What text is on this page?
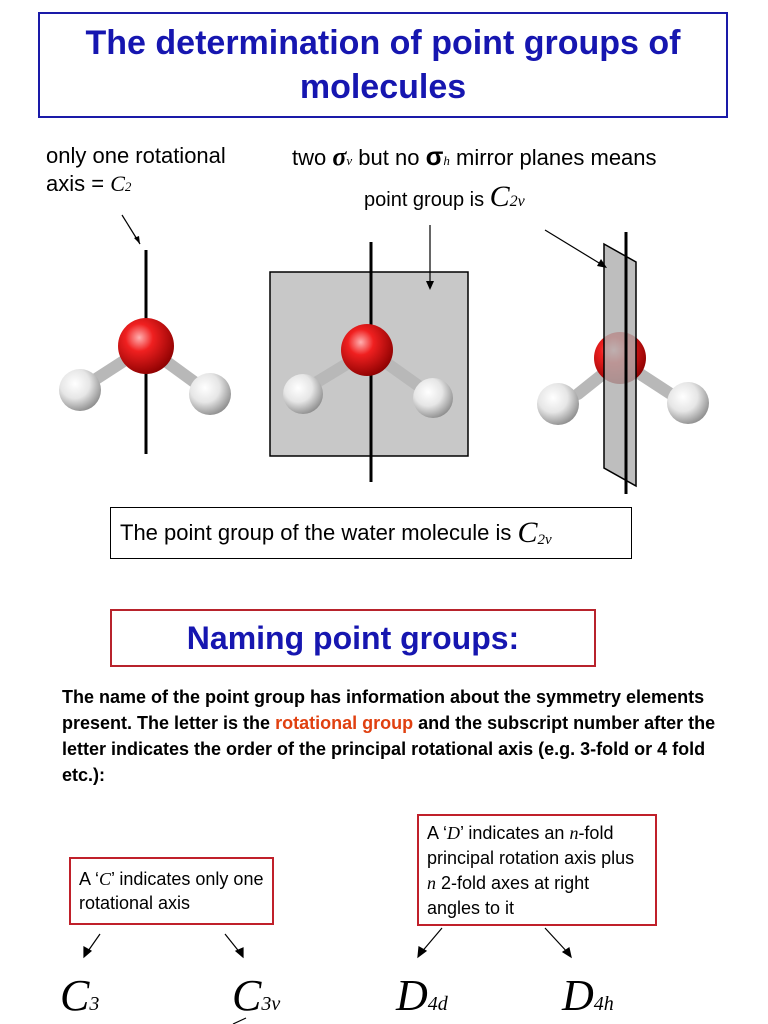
The determination of point groups of molecules
only one rotational
axis = C2
two σv but no σh mirror planes means
point group is C2v
The point group of the water molecule is
C 2v
Naming point groups:
The name of the point group has information about the symmetry elements present. The letter is the rotational group and the subscript number after the letter indicates the order of the principal rotational axis (e.g. 3-fold or 4 fold etc.):
A ‘C’ indicates only one rotational axis
A ‘D’ indicates an n-fold principal rotation axis plus n 2-fold axes at right angles to it
C3	C3v	D4d	D4h
